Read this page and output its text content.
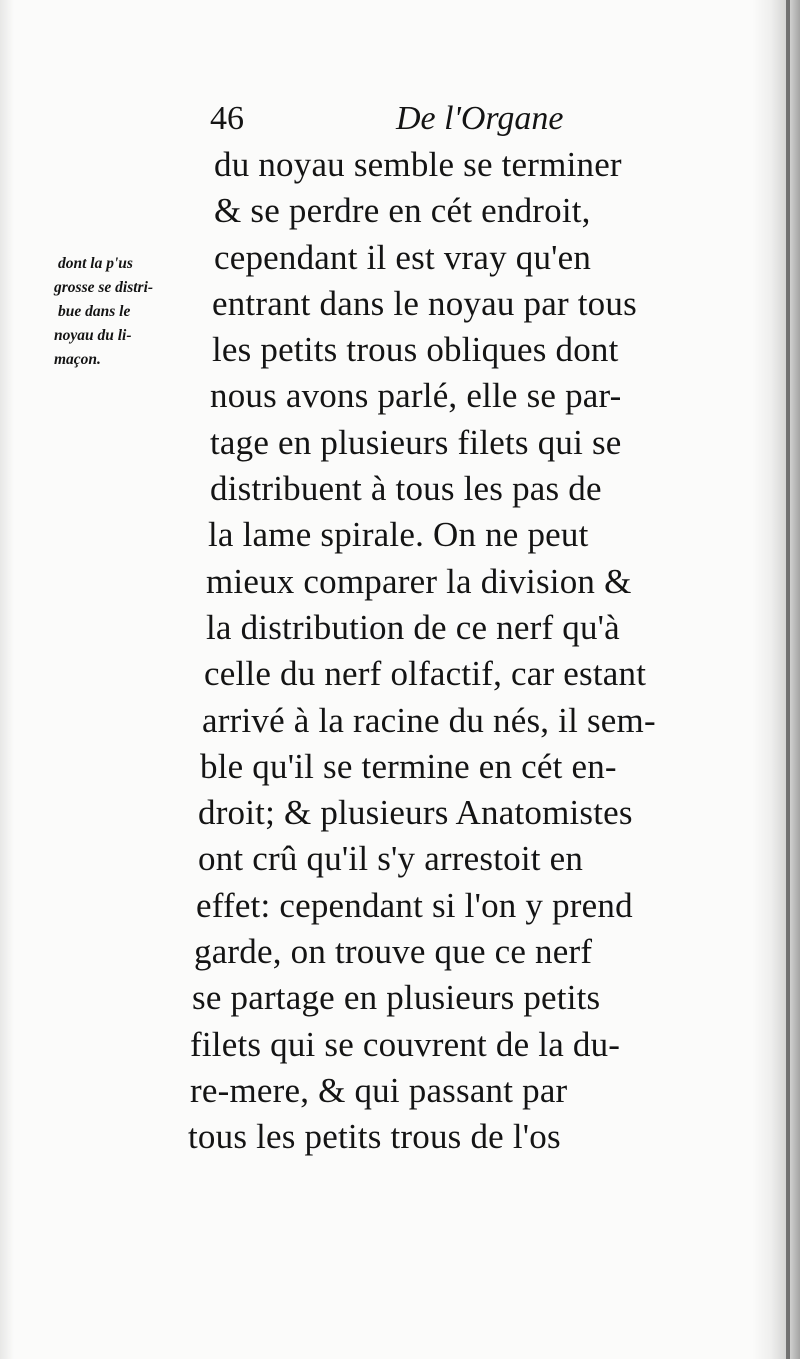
46	De l'Organe
dont la p'us
grosse se distri-
bue dans le
noyau du li-
maçon.
du noyau semble se terminer
& se perdre en cét endroit,
cependant il est vray qu'en
entrant dans le noyau par tous
les petits trous obliques dont
nous avons parlé, elle se par-
tage en plusieurs filets qui se
distribuent à tous les pas de
la lame spirale. On ne peut
mieux comparer la division &
la distribution de ce nerf qu'à
celle du nerf olfactif, car estant
arrivé à la racine du nés, il sem-
ble qu'il se termine en cét en-
droit; & plusieurs Anatomistes
ont crû qu'il s'y arrestoit en
effet: cependant si l'on y prend
garde, on trouve que ce nerf
se partage en plusieurs petits
filets qui se couvrent de la du-
re-mere, & qui passant par
tous les petits trous de l'os
